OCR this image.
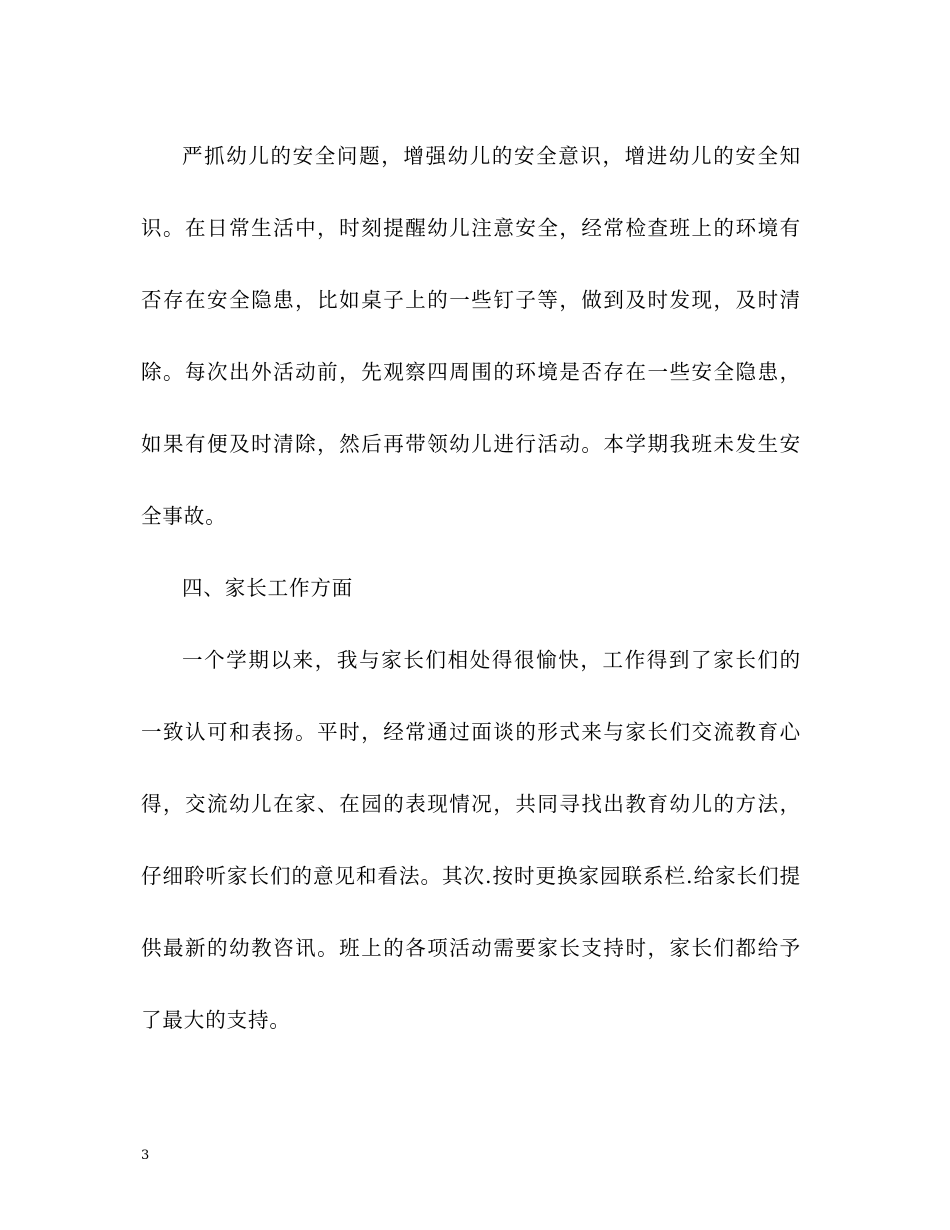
严抓幼儿的安全问题，增强幼儿的安全意识，增进幼儿的安全知识。在日常生活中，时刻提醒幼儿注意安全，经常检查班上的环境有否存在安全隐患，比如桌子上的一些钉子等，做到及时发现，及时清除。每次出外活动前，先观察四周围的环境是否存在一些安全隐患，如果有便及时清除，然后再带领幼儿进行活动。本学期我班未发生安全事故。

四、家长工作方面

一个学期以来，我与家长们相处得很愉快，工作得到了家长们的一致认可和表扬。平时，经常通过面谈的形式来与家长们交流教育心得，交流幼儿在家、在园的表现情况，共同寻找出教育幼儿的方法，仔细聆听家长们的意见和看法。其次.按时更换家园联系栏.给家长们提供最新的幼教咨讯。班上的各项活动需要家长支持时，家长们都给予了最大的支持。

3
